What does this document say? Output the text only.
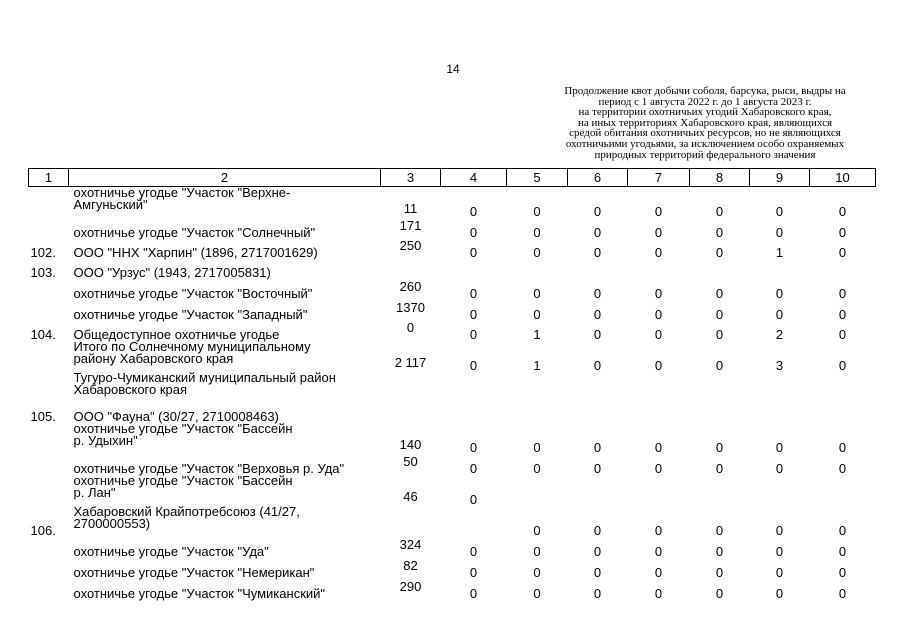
14
Продолжение квот добычи соболя, барсука, рыси, выдры на
период с 1 августа 2022 г. до 1 августа 2023 г.
на территории охотничьих угодий Хабаровского края,
на иных территориях Хабаровского края, являющихся
средой обитания охотничьих ресурсов, но не являющихся
охотничьими угодьями, за исключением особо охраняемых
природных территорий федерального значения
1	2	3	4	5	6	7	8	9	10
	охотничье угодье "Участок "Верхне-
Амгуньский"	11	0	0	0	0	0	0	0
	охотничье угодье "Участок "Солнечный"	171	0	0	0	0	0	0	0
102.	ООО "ННХ "Харпин" (1896, 2717001629)	250	0	0	0	0	0	1	0
103.	ООО "Урзус" (1943, 2717005831)								
	охотничье угодье "Участок "Восточный"	260	0	0	0	0	0	0	0
	охотничье угодье "Участок "Западный"	1370	0	0	0	0	0	0	0
104.	Общедоступное охотничье угодье	0	0	1	0	0	0	2	0
	Итого по Солнечному муниципальному
району Хабаровского края	2 117	0	1	0	0	0	3	0
	Тугуро-Чумиканский муниципальный район
Хабаровского края								
105.	ООО "Фауна" (30/27, 2710008463)								
	охотничье угодье "Участок "Бассейн
р. Удыхин"	140	0	0	0	0	0	0	0
	охотничье угодье "Участок "Верховья р. Уда"	50	0	0	0	0	0	0	0
	охотничье угодье "Участок "Бассейн
р. Лан"	46	0						
106.	Хабаровский Крайпотребсоюз (41/27,
2700000553)			0	0	0	0	0	0
	охотничье угодье "Участок "Уда"	324	0	0	0	0	0	0	0
	охотничье угодье "Участок "Немерикан"	82	0	0	0	0	0	0	0
	охотничье угодье "Участок "Чумиканский"	290	0	0	0	0	0	0	0
